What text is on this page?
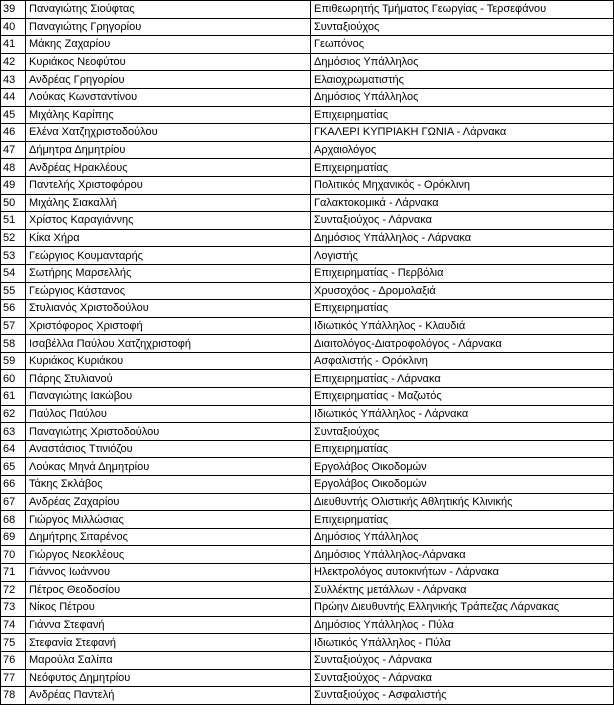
39	Παναγιώτης Σιούφτας	Επιθεωρητής Τμήματος Γεωργίας - Τερσεφάνου
40	Παναγιώτης Γρηγορίου	Συνταξιούχος
41	Μάκης Ζαχαρίου	Γεωπόνος
42	Κυριάκος Νεοφύτου	Δημόσιος Υπάλληλος
43	Ανδρέας Γρηγορίου	Ελαιοχρωματιστής
44	Λούκας Κωνσταντίνου	Δημόσιος Υπάλληλος
45	Μιχάλης Καρίπης	Επιχειρηματίας
46	Ελένα Χατζηχριστοδούλου	ΓΚΑΛΕΡΙ ΚΥΠΡΙΑΚΗ ΓΩΝΙΑ - Λάρνακα
47	Δήμητρα Δημητρίου	Αρχαιολόγος
48	Ανδρέας Ηρακλέους	Επιχειρηματίας
49	Παντελής Χριστοφόρου	Πολιτικός Μηχανικός - Ορόκλινη
50	Μιχάλης Σιακαλλή	Γαλακτοκομικά - Λάρνακα
51	Χρίστος Καραγιάννης	Συνταξιούχος - Λάρνακα
52	Κίκα Χήρα	Δημόσιος Υπάλληλος - Λάρνακα
53	Γεώργιος Κουμανταρής	Λογιστής
54	Σωτήρης Μαρσελλής	Επιχειρηματίας - Περβόλια
55	Γεώργιος Κάστανος	Χρυσοχόος - Δρομολαξιά
56	Στυλιανός Χριστοδούλου	Επιχειρηματίας
57	Χριστόφορος Χριστοφή	Ιδιωτικός Υπάλληλος - Κλαυδιά
58	Ισαβέλλα Παύλου Χατζηχριστοφή	Διαιτολόγος-Διατροφολόγος - Λάρνακα
59	Κυριάκος Κυριάκου	Ασφαλιστής - Ορόκλινη
60	Πάρης Στυλιανού	Επιχειρηματίας - Λάρνακα
61	Παναγιώτης Ιακώβου	Επιχειρηματίας - Μαζωτός
62	Παύλος Παύλου	Ιδιωτικός Υπάλληλος - Λάρνακα
63	Παναγιώτης Χριστοδούλου	Συνταξιούχος
64	Αναστάσιος Ττινιόζου	Επιχειρηματίας
65	Λούκας Μηνά Δημητρίου	Εργολάβος Οικοδομών
66	Τάκης Σκλάβος	Εργολάβος Οικοδομών
67	Ανδρέας Ζαχαρίου	Διευθυντής Ολιστικής Αθλητικής Κλινικής
68	Γιώργος Μιλλώσιας	Επιχειρηματίας
69	Δημήτρης Σιταρένος	Δημόσιος Υπάλληλος
70	Γιώργος Νεοκλέους	Δημόσιος Υπάλληλος-Λάρνακα
71	Γιάννος Ιωάννου	Ηλεκτρολόγος αυτοκινήτων - Λάρνακα
72	Πέτρος Θεοδοσίου	Συλλέκτης μετάλλων - Λάρνακα
73	Νίκος Πέτρου	Πρώην Διευθυντής Ελληνικής Τράπεζας Λάρνακας
74	Γιάννα Στεφανή	Δημόσιος Υπάλληλος - Πύλα
75	Στεφανία Στεφανή	Ιδιωτικός Υπάλληλος - Πύλα
76	Μαρούλα Σαλίπα	Συνταξιούχος - Λάρνακα
77	Νεόφυτος Δημητρίου	Συνταξιούχος - Λάρνακα
78	Ανδρέας Παντελή	Συνταξιούχος - Ασφαλιστής
